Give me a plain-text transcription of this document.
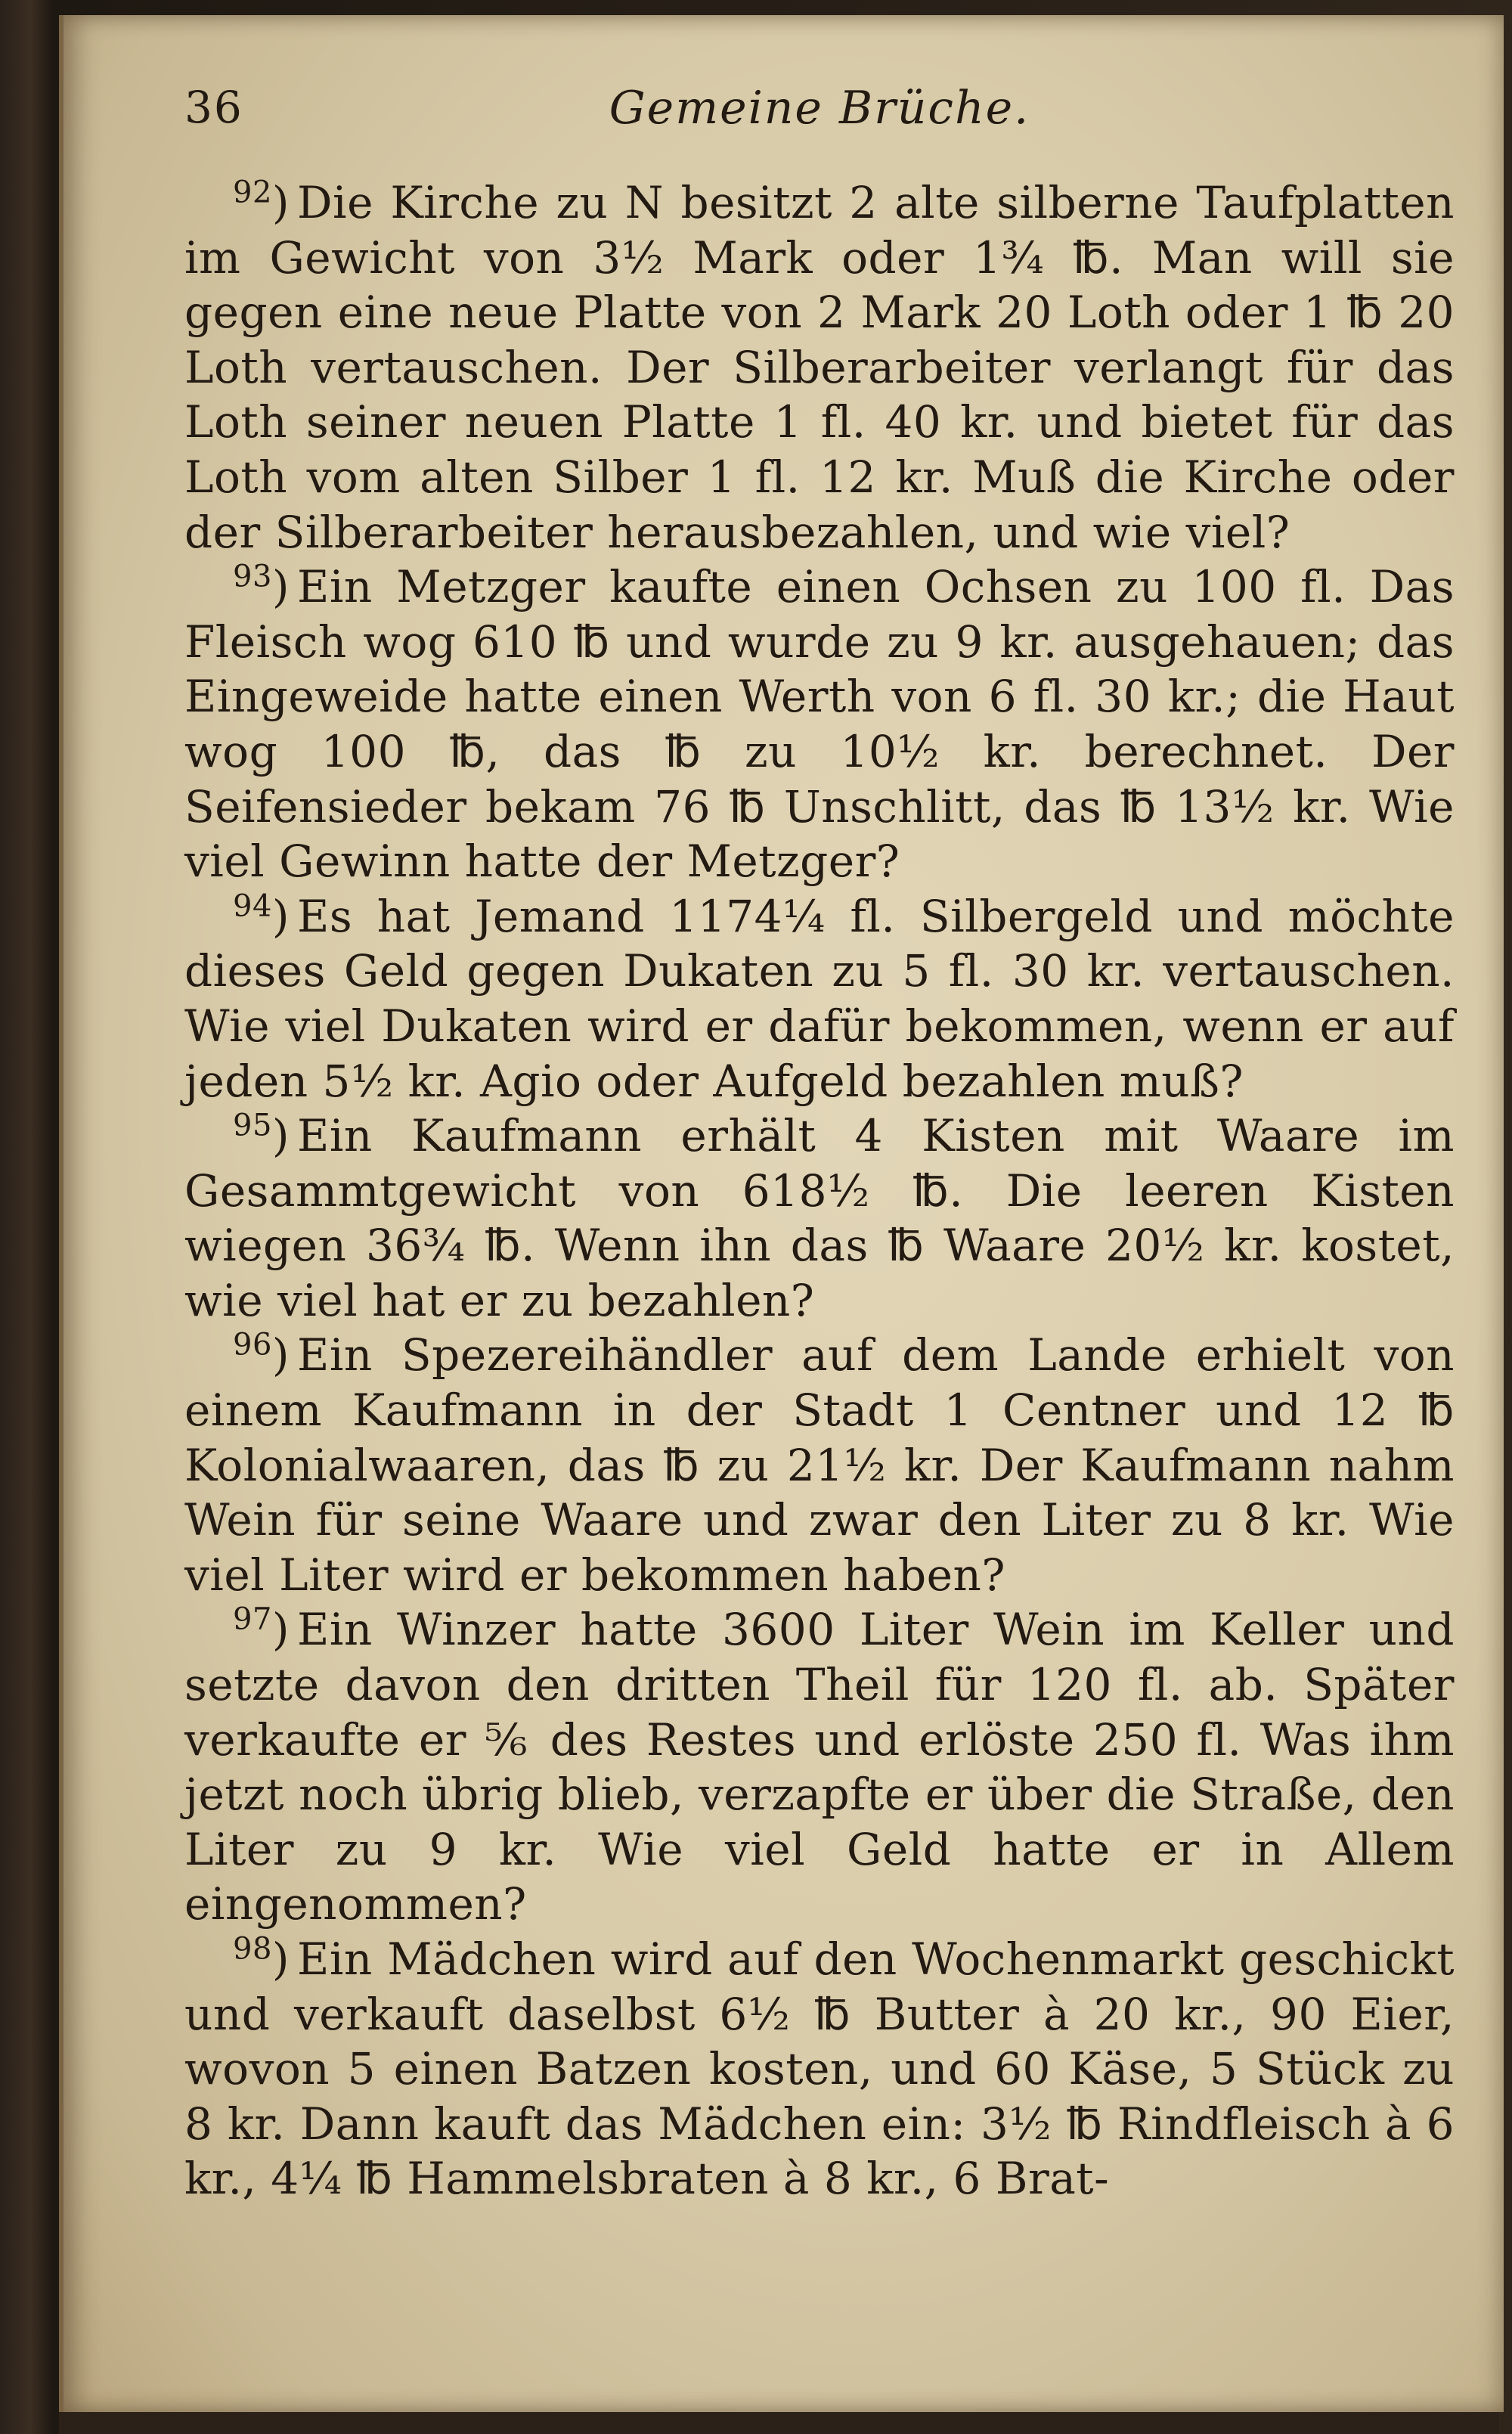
36	Gemeine Brüche.

$^{92}$) Die Kirche zu N besitzt 2 alte silberne Taufplatten im Gewicht von 3½ Mark oder 1¾ ℔. Man will sie gegen eine neue Platte von 2 Mark 20 Loth oder 1 ℔ 20 Loth vertauschen. Der Silberarbeiter verlangt für das Loth seiner neuen Platte 1 fl. 40 kr. und bietet für das Loth vom alten Silber 1 fl. 12 kr. Muß die Kirche oder der Silberarbeiter herausbezahlen, und wie viel?

$^{93}$) Ein Metzger kaufte einen Ochsen zu 100 fl. Das Fleisch wog 610 ℔ und wurde zu 9 kr. ausgehauen; das Eingeweide hatte einen Werth von 6 fl. 30 kr.; die Haut wog 100 ℔, das ℔ zu 10½ kr. berechnet. Der Seifensieder bekam 76 ℔ Unschlitt, das ℔ 13½ kr. Wie viel Gewinn hatte der Metzger?

$^{94}$) Es hat Jemand 1174¼ fl. Silbergeld und möchte dieses Geld gegen Dukaten zu 5 fl. 30 kr. vertauschen. Wie viel Dukaten wird er dafür bekommen, wenn er auf jeden 5½ kr. Agio oder Aufgeld bezahlen muß?

$^{95}$) Ein Kaufmann erhält 4 Kisten mit Waare im Gesammtgewicht von 618½ ℔. Die leeren Kisten wiegen 36¾ ℔. Wenn ihn das ℔ Waare 20½ kr. kostet, wie viel hat er zu bezahlen?

$^{96}$) Ein Spezereihändler auf dem Lande erhielt von einem Kaufmann in der Stadt 1 Centner und 12 ℔ Kolonialwaaren, das ℔ zu 21½ kr. Der Kaufmann nahm Wein für seine Waare und zwar den Liter zu 8 kr. Wie viel Liter wird er bekommen haben?

$^{97}$) Ein Winzer hatte 3600 Liter Wein im Keller und setzte davon den dritten Theil für 120 fl. ab. Später verkaufte er ⅚ des Restes und erlöste 250 fl. Was ihm jetzt noch übrig blieb, verzapfte er über die Straße, den Liter zu 9 kr. Wie viel Geld hatte er in Allem eingenommen?

$^{98}$) Ein Mädchen wird auf den Wochenmarkt geschickt und verkauft daselbst 6½ ℔ Butter à 20 kr., 90 Eier, wovon 5 einen Batzen kosten, und 60 Käse, 5 Stück zu 8 kr. Dann kauft das Mädchen ein: 3½ ℔ Rindfleisch à 6 kr., 4¼ ℔ Hammelsbraten à 8 kr., 6 Brat-
